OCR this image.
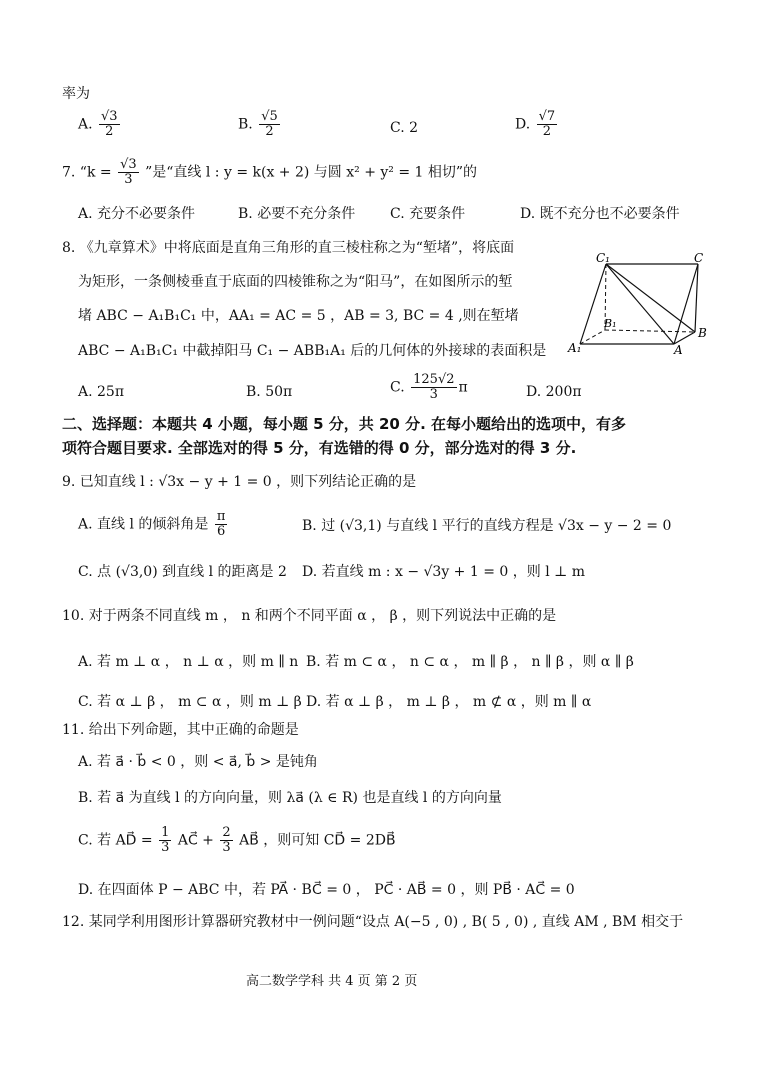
率为
A. $\frac{√3}{2}$	B. $\frac{√5}{2}$	C. 2	D. $\frac{√7}{2}$
7. “$k = \frac{√3}{3}$ ”是“直线 l : y = k(x + 2) 与圆 x² + y² = 1 相切”的
A. 充分不必要条件	B. 必要不充分条件 C. 充要条件	D. 既不充分也不必要条件
8. 《九章算术》中将底面是直角三角形的直三棱柱称之为“堑堵”，将底面
为矩形，一条侧棱垂直于底面的四棱锥称之为“阳马”，在如图所示的堑
堵 ABC − A₁B₁C₁ 中，AA₁ = AC = 5 ，AB = 3, BC = 4 ,则在堑堵
ABC − A₁B₁C₁ 中截掉阳马 C₁ − ABB₁A₁ 后的几何体的外接球的表面积是
C₁	C
B₁
B
A₁	A
A. 25π	B. 50π	C. $\frac{125√2}{3}$ π	D. 200π
二、选择题：本题共 4 小题，每小题 5 分，共 20 分. 在每小题给出的选项中，有多
项符合题目要求. 全部选对的得 5 分，有选错的得 0 分，部分选对的得 3 分.
9. 已知直线 l : √3x − y + 1 = 0 ，则下列结论正确的是
A. 直线 l 的倾斜角是 $\frac{\pi}{6}$	B. 过 (√3,1) 与直线 l 平行的直线方程是 √3x − y − 2 = 0
C. 点 (√3,0) 到直线 l 的距离是 2 D. 若直线 m : x − √3y + 1 = 0 ，则 l ⊥ m
10. 对于两条不同直线 m ， n 和两个不同平面 α ， β ，则下列说法中正确的是
A. 若 m ⊥ α ， n ⊥ α ，则 m ∥ n B. 若 m ⊂ α ， n ⊂ α ， m ∥ β ， n ∥ β ，则 α ∥ β
C. 若 α ⊥ β ， m ⊂ α ，则 m ⊥ β D. 若 α ⊥ β ， m ⊥ β ， m ⊄ α ，则 m ∥ α
11. 给出下列命题，其中正确的命题是
A. 若 a⃗ · b⃗ < 0 ，则 < a⃗, b⃗ > 是钝角
B. 若 a⃗ 为直线 l 的方向向量，则 λa⃗ (λ ∈ R) 也是直线 l 的方向向量
C. 若 AD⃗ = $\frac{1}{3}$ AC⃗ + $\frac{2}{3}$ AB⃗ ，则可知 CD⃗ = 2DB⃗
D. 在四面体 P − ABC 中，若 PA⃗ · BC⃗ = 0 ， PC⃗ · AB⃗ = 0 ，则 PB⃗ · AC⃗ = 0
12. 某同学利用图形计算器研究教材中一例问题“设点 A(−5 , 0) , B( 5 , 0) , 直线 AM , BM 相交于
高二数学学科 共 4 页 第 2 页
